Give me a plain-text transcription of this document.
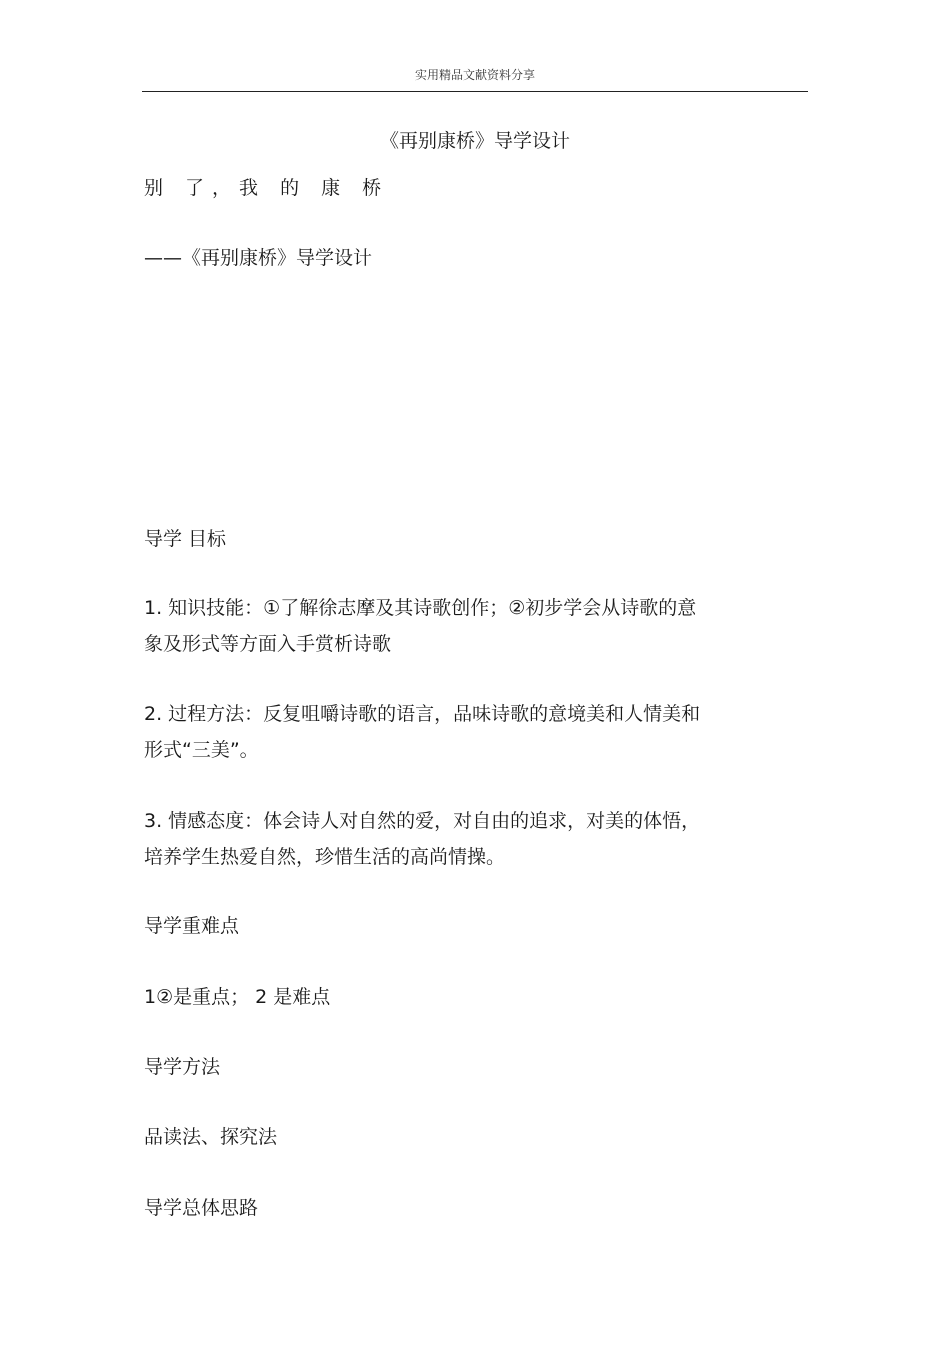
实用精品文献资料分享
《再别康桥》导学设计
别 了，我 的 康 桥
——《再别康桥》导学设计
导学 目标
1. 知识技能：①了解徐志摩及其诗歌创作；②初步学会从诗歌的意
象及形式等方面入手赏析诗歌
2. 过程方法：反复咀嚼诗歌的语言，品味诗歌的意境美和人情美和
形式“三美”。
3. 情感态度：体会诗人对自然的爱，对自由的追求，对美的体悟，
培养学生热爱自然，珍惜生活的高尚情操。
导学重难点
1②是重点； 2 是难点
导学方法
品读法、探究法
导学总体思路
